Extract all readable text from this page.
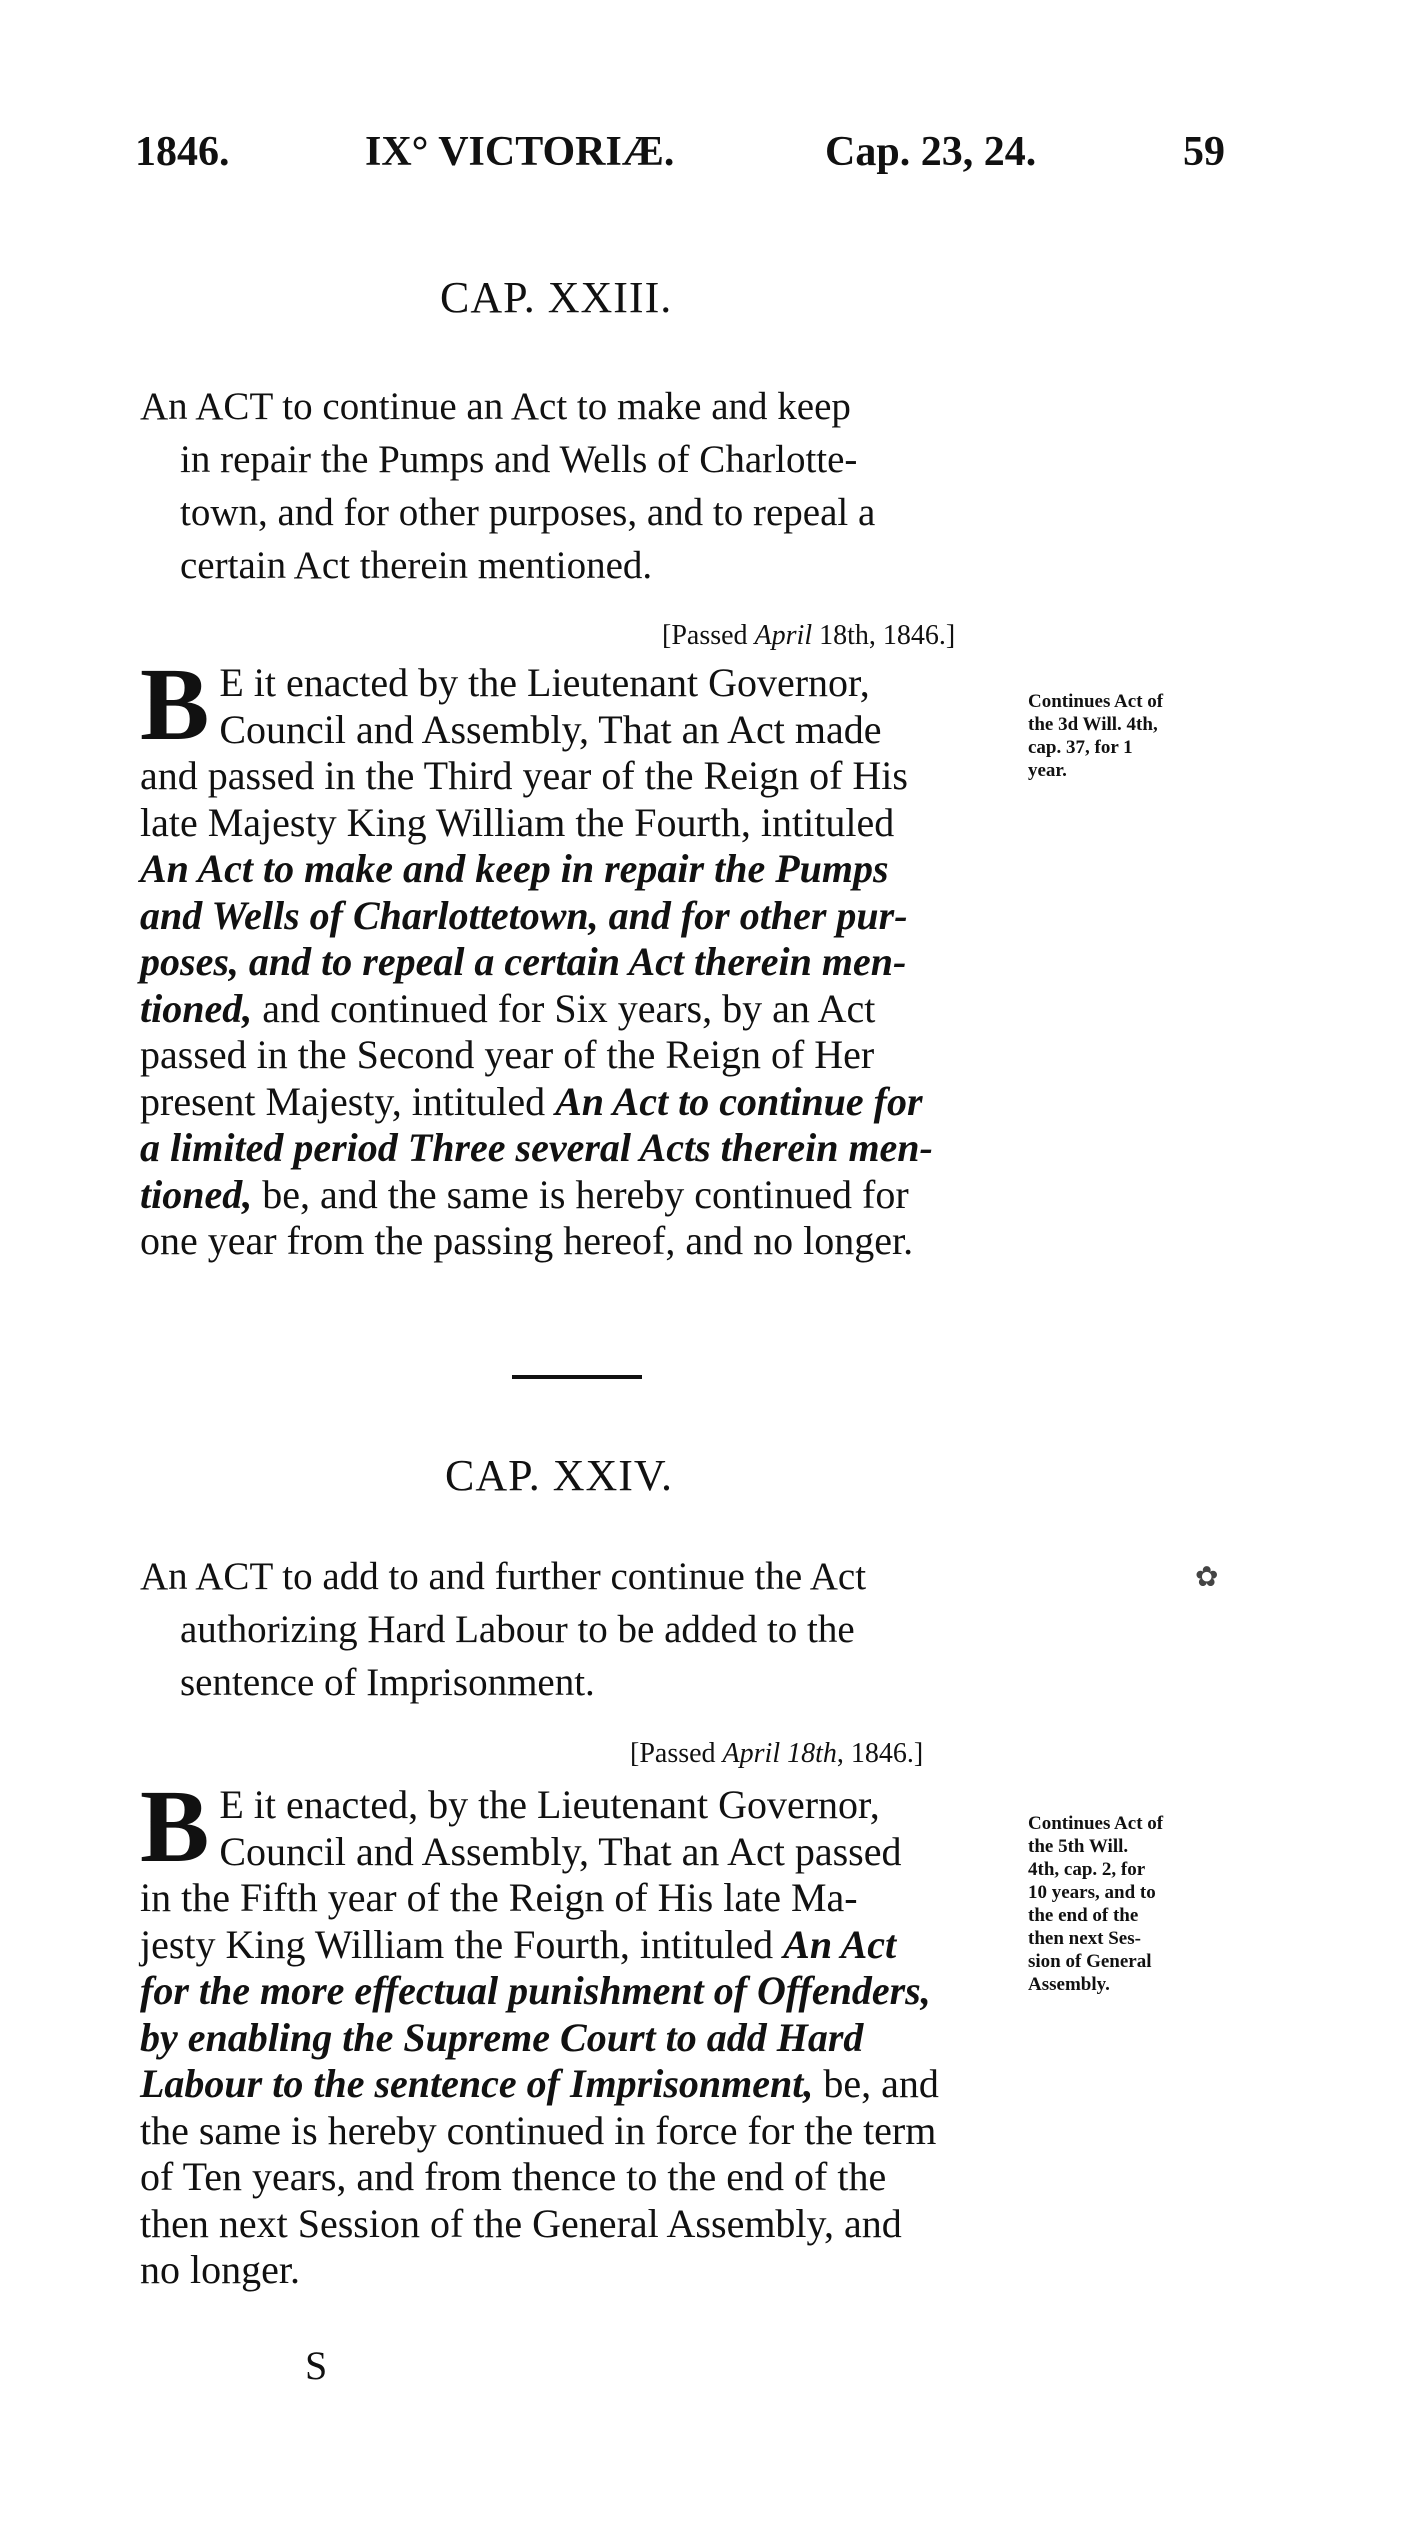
1846.	IX° VICTORIÆ.	Cap. 23, 24.	59
CAP. XXIII.
An ACT to continue an Act to make and keep
in repair the Pumps and Wells of Charlotte-
town, and for other purposes, and to repeal a
certain Act therein mentioned.
[Passed April 18th, 1846.]
B E it enacted by the Lieutenant Governor,
Council and Assembly, That an Act made
and passed in the Third year of the Reign of His
late Majesty King William the Fourth, intituled
An Act to make and keep in repair the Pumps
and Wells of Charlottetown, and for other pur-
poses, and to repeal a certain Act therein men-
tioned, and continued for Six years, by an Act
passed in the Second year of the Reign of Her
present Majesty, intituled An Act to continue for
a limited period Three several Acts therein men-
tioned, be, and the same is hereby continued for
one year from the passing hereof, and no longer.
Continues Act of
the 3d Will. 4th,
cap. 37, for 1
year.
CAP. XXIV.
✿
An ACT to add to and further continue the Act
authorizing Hard Labour to be added to the
sentence of Imprisonment.
[Passed April 18th, 1846.]
B E it enacted, by the Lieutenant Governor,
Council and Assembly, That an Act passed
in the Fifth year of the Reign of His late Ma-
jesty King William the Fourth, intituled An Act
for the more effectual punishment of Offenders,
by enabling the Supreme Court to add Hard
Labour to the sentence of Imprisonment, be, and
the same is hereby continued in force for the term
of Ten years, and from thence to the end of the
then next Session of the General Assembly, and
no longer.
Continues Act of
the 5th Will.
4th, cap. 2, for
10 years, and to
the end of the
then next Ses-
sion of General
Assembly.
S
